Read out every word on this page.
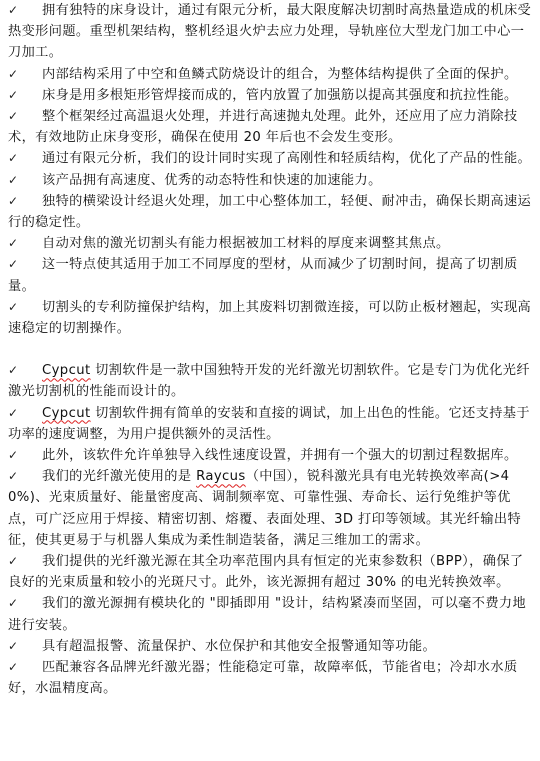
✓ 拥有独特的床身设计，通过有限元分析，最大限度解决切割时高热量造成的机床受热变形问题。重型机架结构，整机经退火炉去应力处理，导轨座位大型龙门加工中心一刀加工。

✓ 内部结构采用了中空和鱼鳞式防烧设计的组合，为整体结构提供了全面的保护。

✓ 床身是用多根矩形管焊接而成的，管内放置了加强筋以提高其强度和抗拉性能。

✓ 整个框架经过高温退火处理，并进行高速抛丸处理。此外，还应用了应力消除技术，有效地防止床身变形，确保在使用 20 年后也不会发生变形。

✓ 通过有限元分析，我们的设计同时实现了高刚性和轻质结构，优化了产品的性能。

✓ 该产品拥有高速度、优秀的动态特性和快速的加速能力。

✓ 独特的横梁设计经退火处理，加工中心整体加工，轻便、耐冲击，确保长期高速运行的稳定性。

✓ 自动对焦的激光切割头有能力根据被加工材料的厚度来调整其焦点。

✓ 这一特点使其适用于加工不同厚度的型材，从而减少了切割时间，提高了切割质量。

✓ 切割头的专利防撞保护结构，加上其废料切割微连接，可以防止板材翘起，实现高速稳定的切割操作。

✓ Cypcut 切割软件是一款中国独特开发的光纤激光切割软件。它是专门为优化光纤激光切割机的性能而设计的。

✓ Cypcut 切割软件拥有简单的安装和直接的调试，加上出色的性能。它还支持基于功率的速度调整，为用户提供额外的灵活性。

✓ 此外，该软件允许单独导入线性速度设置，并拥有一个强大的切割过程数据库。

✓ 我们的光纤激光使用的是 Raycus（中国），锐科激光具有电光转换效率高(>40%)、光束质量好、能量密度高、调制频率宽、可靠性强、寿命长、运行免维护等优点，可广泛应用于焊接、精密切割、熔覆、表面处理、3D 打印等领域。其光纤输出特征，使其更易于与机器人集成为柔性制造装备，满足三维加工的需求。

✓ 我们提供的光纤激光源在其全功率范围内具有恒定的光束参数积（BPP），确保了良好的光束质量和较小的光斑尺寸。此外，该光源拥有超过 30% 的电光转换效率。

✓ 我们的激光源拥有模块化的 "即插即用 "设计，结构紧凑而坚固，可以毫不费力地进行安装。

✓ 具有超温报警、流量保护、水位保护和其他安全报警通知等功能。

✓ 匹配兼容各品牌光纤激光器；性能稳定可靠，故障率低，节能省电；冷却水水质好，水温精度高。
